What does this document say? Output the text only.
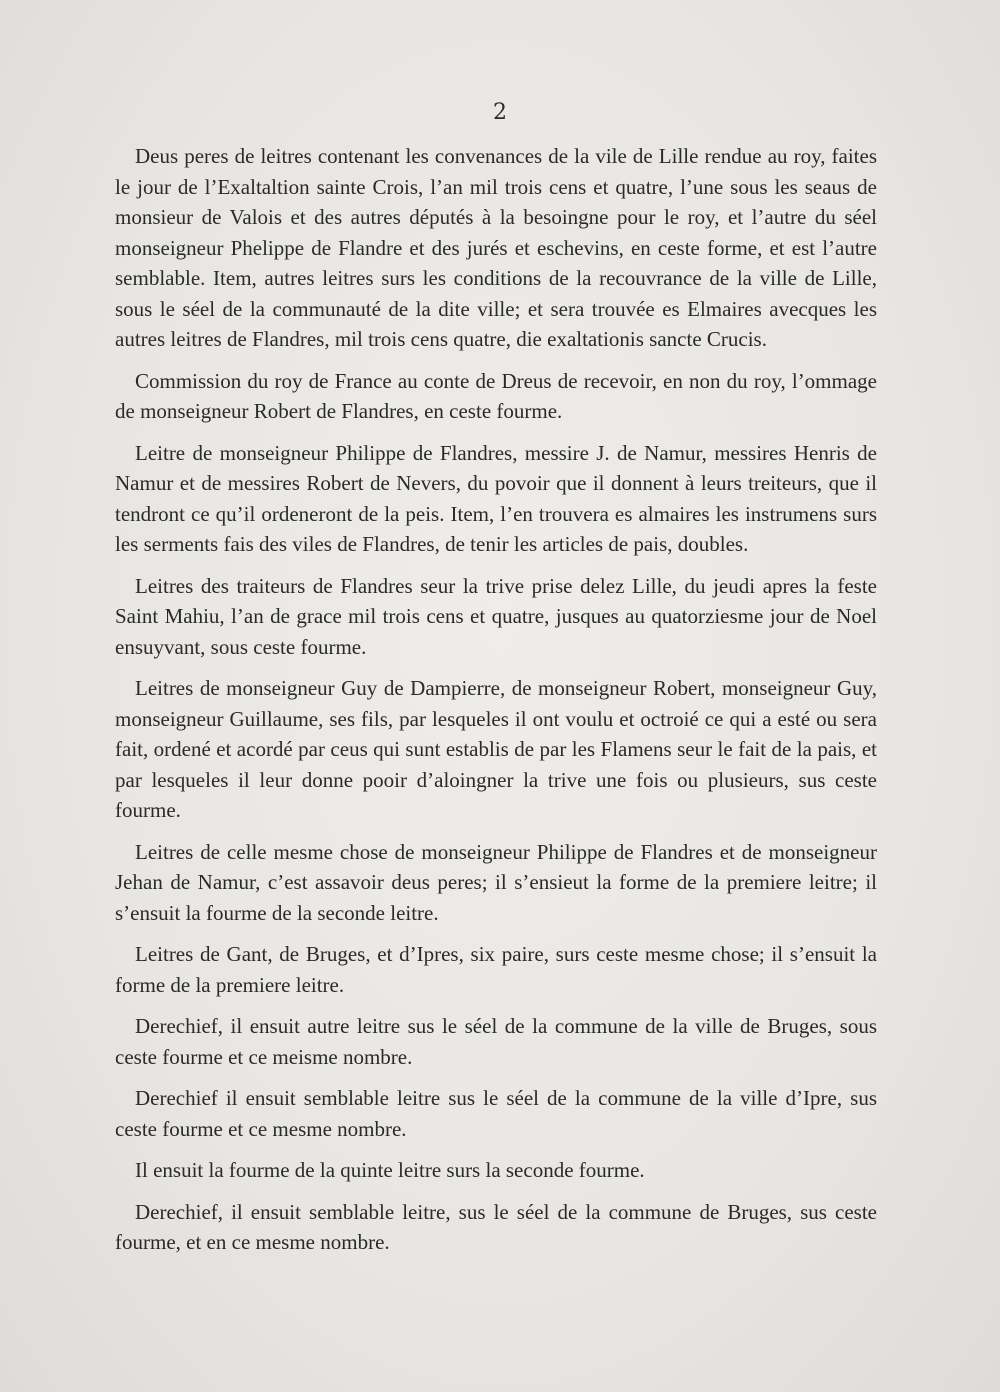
2

Deus peres de leitres contenant les convenances de la vile de Lille rendue au roy, faites le jour de l’Exaltaltion sainte Crois, l’an mil trois cens et quatre, l’une sous les seaus de monsieur de Valois et des autres députés à la besoingne pour le roy, et l’autre du séel monseigneur Phelippe de Flandre et des jurés et eschevins, en ceste forme, et est l’autre semblable. Item, autres leitres surs les conditions de la recouvrance de la ville de Lille, sous le séel de la communauté de la dite ville; et sera trouvée es Elmaires avecques les autres leitres de Flandres, mil trois cens quatre, die exaltationis sancte Crucis.

Commission du roy de France au conte de Dreus de recevoir, en non du roy, l’ommage de monseigneur Robert de Flandres, en ceste fourme.

Leitre de monseigneur Philippe de Flandres, messire J. de Namur, messires Henris de Namur et de messires Robert de Nevers, du povoir que il donnent à leurs treiteurs, que il tendront ce qu’il ordeneront de la peis. Item, l’en trouvera es almaires les instrumens surs les serments fais des viles de Flandres, de tenir les articles de pais, doubles.

Leitres des traiteurs de Flandres seur la trive prise delez Lille, du jeudi apres la feste Saint Mahiu, l’an de grace mil trois cens et quatre, jusques au quatorziesme jour de Noel ensuyvant, sous ceste fourme.

Leitres de monseigneur Guy de Dampierre, de monseigneur Robert, monseigneur Guy, monseigneur Guillaume, ses fils, par lesqueles il ont voulu et octroié ce qui a esté ou sera fait, ordené et acordé par ceus qui sunt establis de par les Flamens seur le fait de la pais, et par lesqueles il leur donne pooir d’aloingner la trive une fois ou plusieurs, sus ceste fourme.

Leitres de celle mesme chose de monseigneur Philippe de Flandres et de monseigneur Jehan de Namur, c’est assavoir deus peres; il s’ensieut la forme de la premiere leitre; il s’ensuit la fourme de la seconde leitre.

Leitres de Gant, de Bruges, et d’Ipres, six paire, surs ceste mesme chose; il s’ensuit la forme de la premiere leitre.

Derechief, il ensuit autre leitre sus le séel de la commune de la ville de Bruges, sous ceste fourme et ce meisme nombre.

Derechief il ensuit semblable leitre sus le séel de la commune de la ville d’Ipre, sus ceste fourme et ce mesme nombre.

Il ensuit la fourme de la quinte leitre surs la seconde fourme.

Derechief, il ensuit semblable leitre, sus le séel de la commune de Bruges, sus ceste fourme, et en ce mesme nombre.
